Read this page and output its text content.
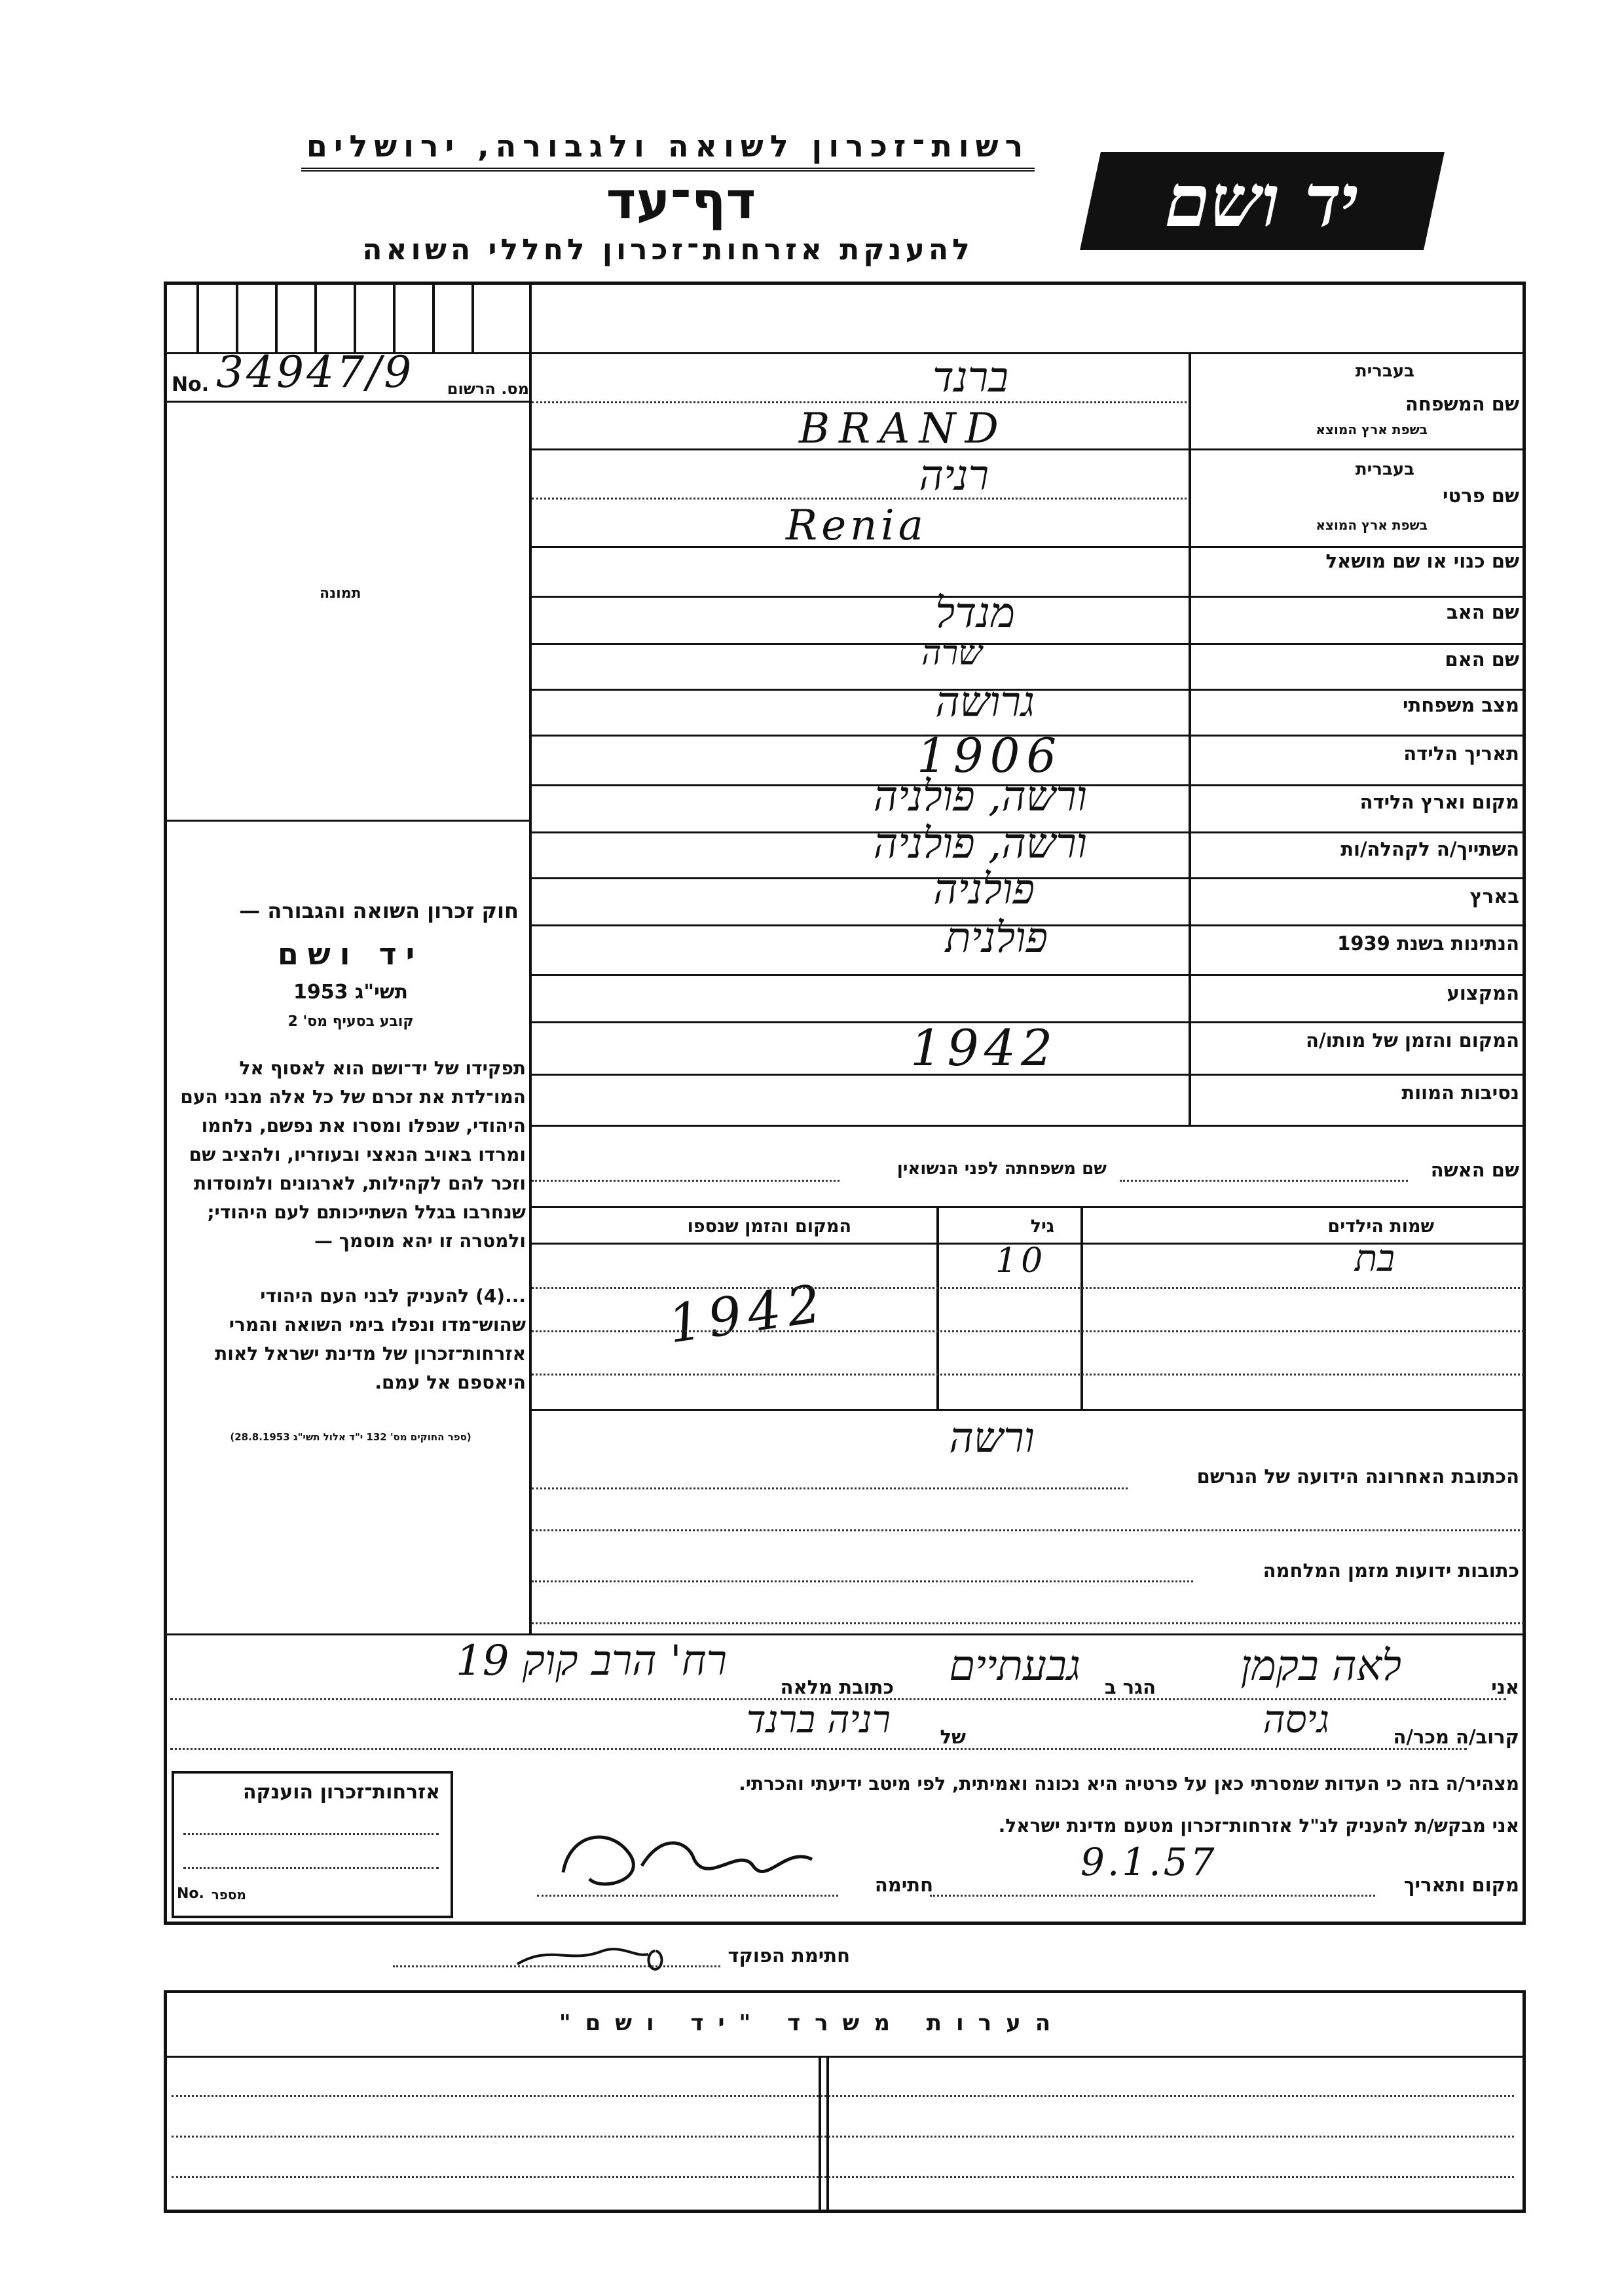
רשות־זכרון לשואה ולגבורה, ירושלים
דף־עד
להענקת אזרחות־זכרון לחללי השואה
יד ושם
מס. הרשום
No. 34947/9
תמונה
חוק זכרון השואה והגבורה —
יד ושם
תשי"ג 1953
קובע בסעיף מס' 2
תפקידו של יד־ושם הוא לאסוף אל המו־לדת את זכרם של כל אלה מבני העם היהודי, שנפלו ומסרו את נפשם, נלחמו ומרדו באויב הנאצי ובעוזריו, ולהציב שם וזכר להם לקהילות, לארגונים ולמוסדות שנחרבו בגלל השתייכותם לעם היהודי; ולמטרה זו יהא מוסמך —
...(4) להעניק לבני העם היהודי שהוש־מדו ונפלו בימי השואה והמרי אזרחות־זכרון של מדינת ישראל לאות היאספם אל עמם.
(ספר החוקים מס' 132 י"ד אלול תשי"ג 28.8.1953)
שם המשפחה
בעברית
בשפת ארץ המוצא
ברנד
BRAND
שם פרטי
בעברית
בשפת ארץ המוצא
רניה
Renia
שם כנוי או שם מושאל
שם האב
מנדל
שם האם
שרה
מצב משפחתי
גרושה
תאריך הלידה
1906
מקום וארץ הלידה
ורשה, פולניה
השתייך/ה לקהלה/ות
ורשה, פולניה
בארץ
פולניה
הנתינות בשנת 1939
פולנית
המקצוע
המקום והזמן של מותו/ה
1942
נסיבות המוות
שם האשה
שם משפחתה לפני הנשואין
שמות הילדים
גיל
המקום והזמן שנספו
בת
10
1942
ורשה
הכתובת האחרונה הידועה של הנרשם
כתובות ידועות מזמן המלחמה
אני
לאה בקמן
הגר ב
גבעתיים
כתובת מלאה
רח' הרב קוק 19
קרוב/ה מכר/ה
גיסה
של
רניה ברנד
מצהיר/ה בזה כי העדות שמסרתי כאן על פרטיה היא נכונה ואמיתית, לפי מיטב ידיעתי והכרתי.
אני מבקש/ת להעניק לנ"ל אזרחות־זכרון מטעם מדינת ישראל.
מקום ותאריך
9.1.57
חתימה
חתימת הפוקד
אזרחות־זכרון הוענקה
No. מספר
הערות משרד "יד ושם"
